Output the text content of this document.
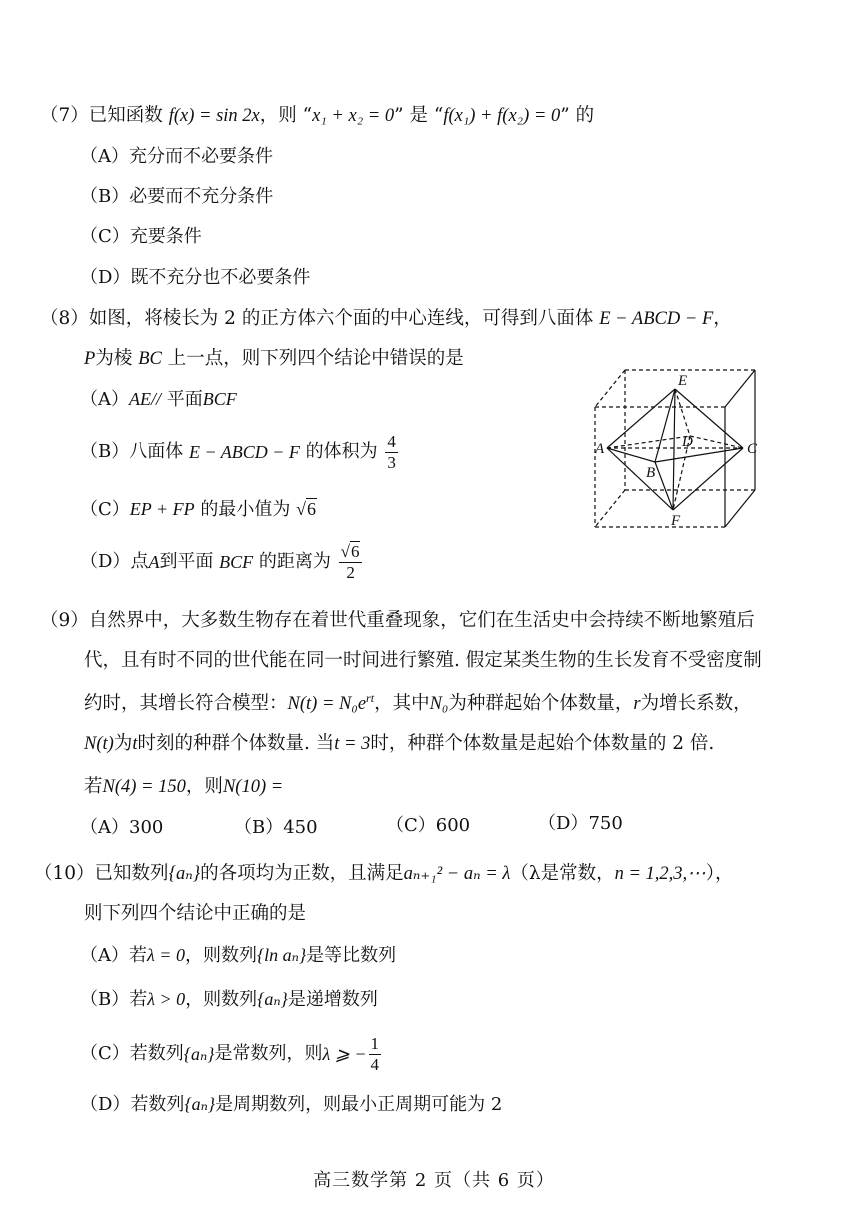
（7）已知函数 f(x) = sin 2x，则 “x₁ + x₂ = 0” 是 “f(x₁) + f(x₂) = 0” 的
（A）充分而不必要条件
（B）必要而不充分条件
（C）充要条件
（D）既不充分也不必要条件
（8）如图，将棱长为 2 的正方体六个面的中心连线，可得到八面体 E − ABCD − F，
P为棱 BC 上一点，则下列四个结论中错误的是
（A）AE// 平面BCF
（B）八面体 E − ABCD − F 的体积为 $\frac{4}{3}$
（C）EP + FP 的最小值为 √6
（D）点A到平面 BCF 的距离为 $\frac{√6}{2}$
E
A	D	C
B
F
（9）自然界中，大多数生物存在着世代重叠现象，它们在生活史中会持续不断地繁殖后
代，且有时不同的世代能在同一时间进行繁殖. 假定某类生物的生长发育不受密度制
约时，其增长符合模型：$N(t) = N_0e^{rt}$，其中N₀为种群起始个体数量，r为增长系数，
N(t)为t时刻的种群个体数量. 当t = 3时，种群个体数量是起始个体数量的 2 倍.
若N(4) = 150，则N(10) =
（A）300	（B）450	（C）600	（D）750
（10）已知数列{aₙ}的各项均为正数，且满足aₙ₊₁² − aₙ = λ（λ是常数，n = 1,2,3,⋯），
则下列四个结论中正确的是
（A）若λ = 0，则数列{ln aₙ}是等比数列
（B）若λ > 0，则数列{aₙ}是递增数列
（C）若数列{aₙ}是常数列，则λ ⩾ − $\frac{1}{4}$
（D）若数列{aₙ}是周期数列，则最小正周期可能为 2
高三数学第 2 页（共 6 页）
